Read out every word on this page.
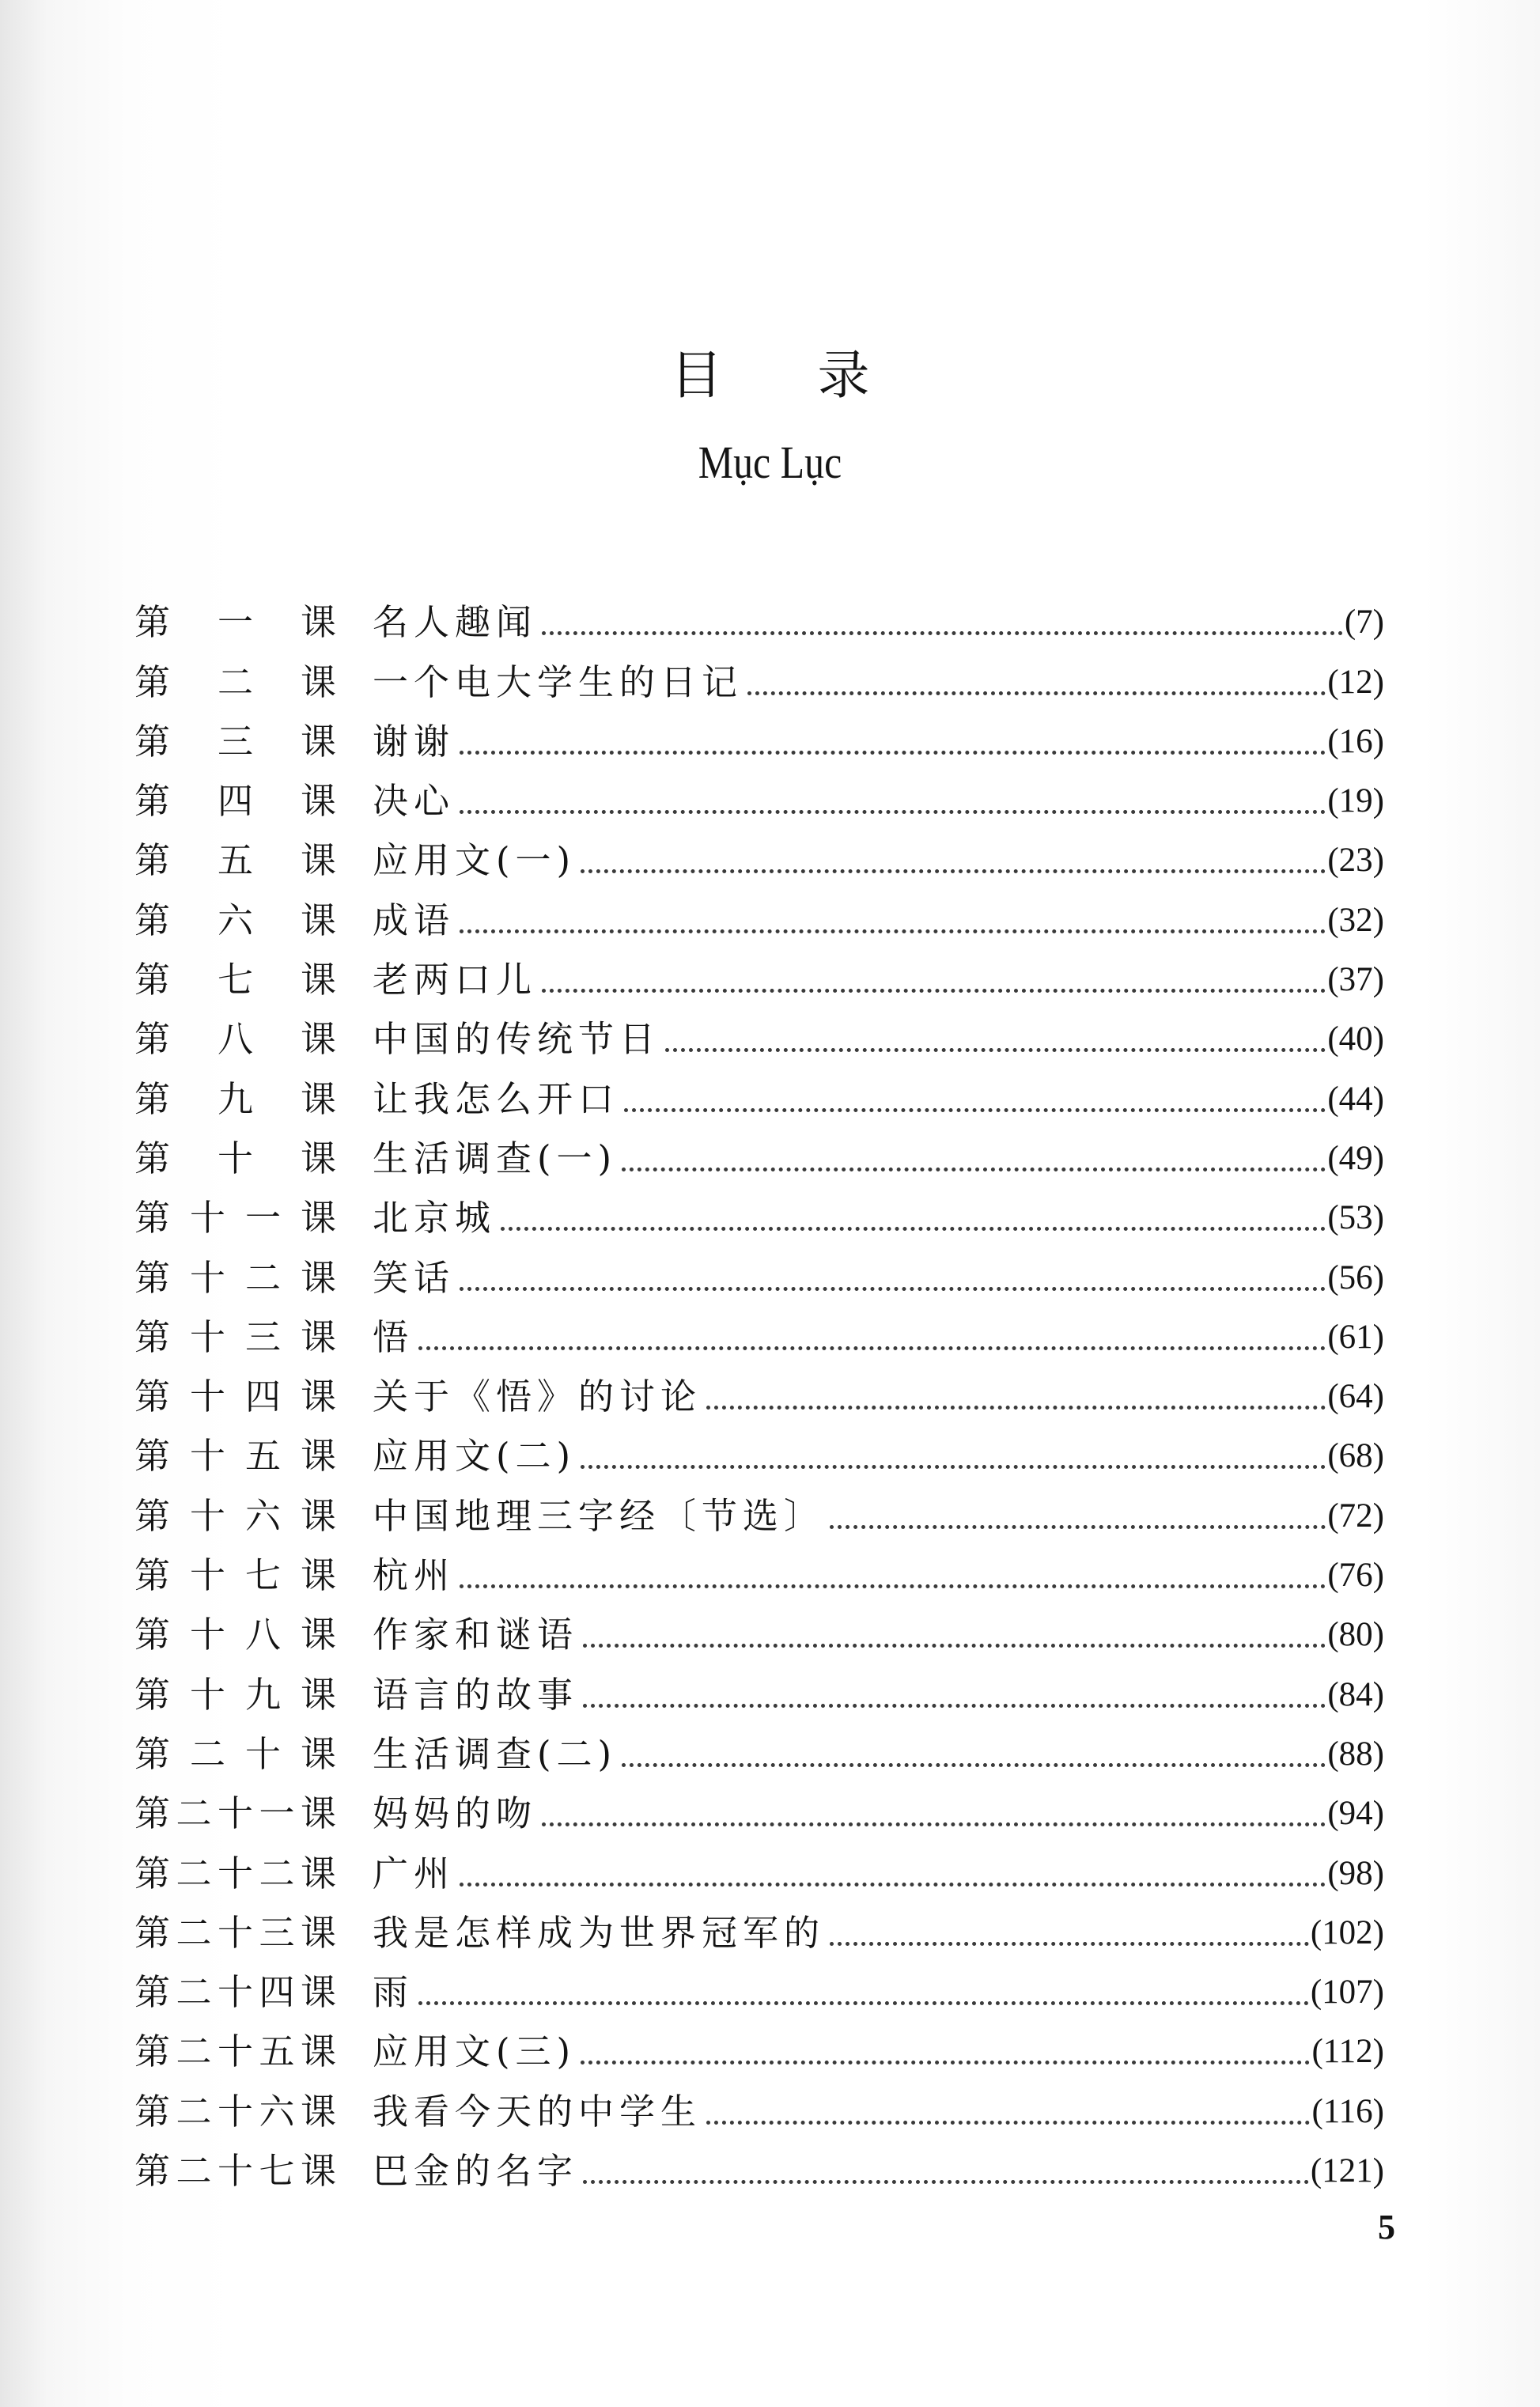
目录
Mục Lục
第 一 课 名人趣闻	(7)
第 二 课 一个电大学生的日记	(12)
第 三 课 谢谢	(16)
第 四 课 决心	(19)
第 五 课 应用文(一)	(23)
第 六 课 成语	(32)
第 七 课 老两口儿	(37)
第 八 课 中国的传统节日	(40)
第 九 课 让我怎么开口	(44)
第 十 课 生活调查(一)	(49)
第 十 一 课 北京城	(53)
第 十 二 课 笑话	(56)
第 十 三 课 悟	(61)
第 十 四 课 关于《悟》的讨论	(64)
第 十 五 课 应用文(二)	(68)
第 十 六 课 中国地理三字经〔节选〕	(72)
第 十 七 课 杭州	(76)
第 十 八 课 作家和谜语	(80)
第 十 九 课 语言的故事	(84)
第 二 十 课 生活调查(二)	(88)
第 二 十 一 课 妈妈的吻	(94)
第 二 十 二 课 广州	(98)
第 二 十 三 课 我是怎样成为世界冠军的	(102)
第 二 十 四 课 雨	(107)
第 二 十 五 课 应用文(三)	(112)
第 二 十 六 课 我看今天的中学生	(116)
第 二 十 七 课 巴金的名字	(121)
5
